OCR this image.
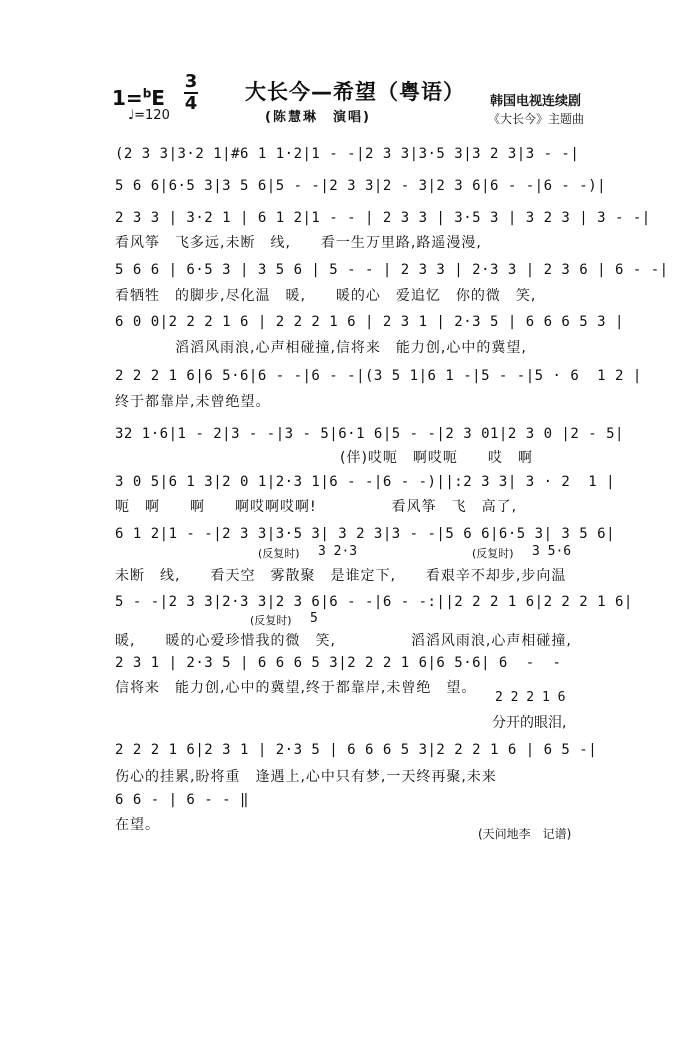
1=$^b$E
3
4
♩=120
大长今—希望（粤语）
(陈慧琳　演唱)
韩国电视连续剧
《大长今》主题曲
(2 3 3|3·2 1|#6 1 1·2|1 - -|2 3 3|3·5 3|3 2 3|3 - -|
5 6 6|6·5 3|3 5 6|5 - -|2 3 3|2 - 3|2 3 6|6 - -|6 - -)|
2 3 3 | 3·2 1 | 6 1 2|1 - - | 2 3 3 | 3·5 3 | 3 2 3 | 3 - -|
看风筝　飞多远,未断　线,　　看一生万里路,路遥漫漫,
5 6 6 | 6·5 3 | 3 5 6 | 5 - - | 2 3 3 | 2·3 3 | 2 3 6 | 6 - -|
看牺牲　的脚步,尽化温　暖,　　暖的心　爱追忆　你的微　笑,
6 0 0|2 2 2 1 6 | 2 2 2 1 6 | 2 3 1 | 2·3 5 | 6 6 6 5 3 |
　　　　滔滔风雨浪,心声相碰撞,信将来　能力创,心中的冀望,
2 2 2 1 6|6 5·6|6 - -|6 - -|(3 5 1|6 1 -|5 - -|5 · 6  1 2 |
终于都靠岸,未曾绝望。
32 1·6|1 - 2|3 - -|3 - 5|6·1 6|5 - -|2 3 01|2 3 0 |2 - 5|
　　　　　　　　　　　　　　　(伴)哎呃　啊哎呃　　哎　啊
3 0 5|6 1 3|2 0 1|2·3 1|6 - -|6 - -)||:2 3 3| 3 · 2  1 |
呃　啊　　啊　　啊哎啊哎啊!　　　　　看风筝　飞　高了,
6 1 2|1 - -|2 3 3|3·5 3| 3 2 3|3 - -|5 6 6|6·5 3| 3 5 6|
(反复时) 3 2·3	(反复时) 3 5·6
未断　线,　　看天空　雾散聚　是谁定下,　　看艰辛不却步,步向温
5 - -|2 3 3|2·3 3|2 3 6|6 - -|6 - -:||2 2 2 1 6|2 2 2 1 6|
(反复时) 5
暖,　　暖的心爱珍惜我的微　笑,　　　　　滔滔风雨浪,心声相碰撞,
2 3 1 | 2·3 5 | 6 6 6 5 3|2 2 2 1 6|6 5·6| 6  -  -
信将来　能力创,心中的冀望,终于都靠岸,未曾绝　望。
2 2 2 1 6
分开的眼泪,
2 2 2 1 6|2 3 1 | 2·3 5 | 6 6 6 5 3|2 2 2 1 6 | 6 5 -|
伤心的挂累,盼将重　逢遇上,心中只有梦,一天终再聚,未来
6 6 - | 6 - - ‖
在望。
(天问地李　记谱)
